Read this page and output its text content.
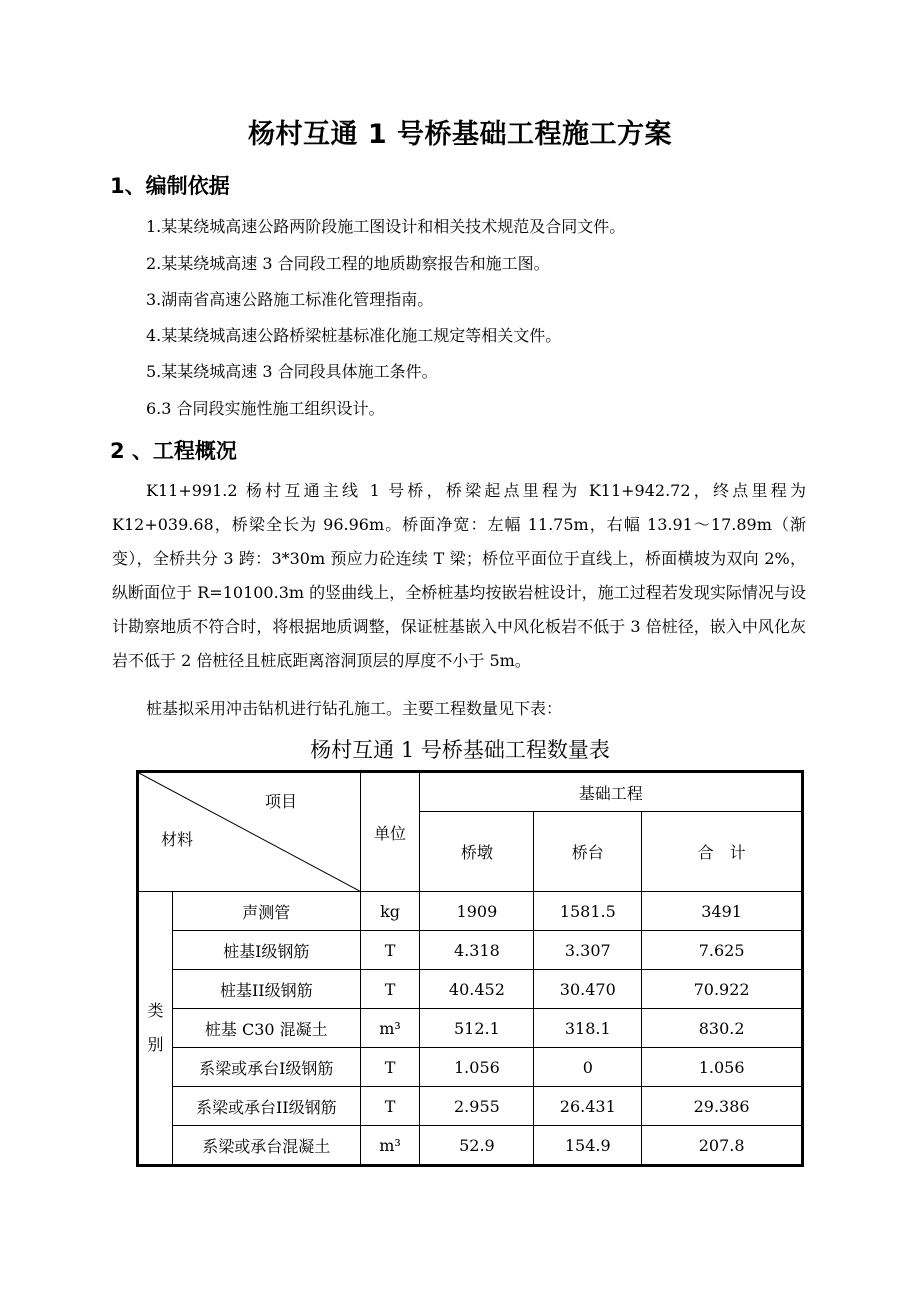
杨村互通 1 号桥基础工程施工方案
1、编制依据
1.某某绕城高速公路两阶段施工图设计和相关技术规范及合同文件。
2.某某绕城高速 3 合同段工程的地质勘察报告和施工图。
3.湖南省高速公路施工标准化管理指南。
4.某某绕城高速公路桥梁桩基标准化施工规定等相关文件。
5.某某绕城高速 3 合同段具体施工条件。
6.3 合同段实施性施工组织设计。
2 、工程概况
K11+991.2 杨村互通主线 1 号桥，桥梁起点里程为 K11+942.72，终点里程为K12+039.68，桥梁全长为 96.96m。桥面净宽：左幅 11.75m，右幅 13.91～17.89m（渐变），全桥共分 3 跨：3*30m 预应力砼连续 T 梁；桥位平面位于直线上，桥面横坡为双向 2%，纵断面位于 R=10100.3m 的竖曲线上，全桥桩基均按嵌岩桩设计，施工过程若发现实际情况与设计勘察地质不符合时，将根据地质调整，保证桩基嵌入中风化板岩不低于 3 倍桩径，嵌入中风化灰岩不低于 2 倍桩径且桩底距离溶洞顶层的厚度不小于 5m。
桩基拟采用冲击钻机进行钻孔施工。主要工程数量见下表：
杨村互通 1 号桥基础工程数量表
项目
材料		单位	基础工程		
			桥墩	桥台	合　计
类别	声测管	kg	1909	1581.5	3491
	桩基Ⅰ级钢筋	T	4.318	3.307	7.625
	桩基II级钢筋	T	40.452	30.470	70.922
	桩基 C30 混凝土	m³	512.1	318.1	830.2
	系梁或承台Ⅰ级钢筋	T	1.056	0	1.056
	系梁或承台II级钢筋	T	2.955	26.431	29.386
	系梁或承台混凝土	m³	52.9	154.9	207.8
